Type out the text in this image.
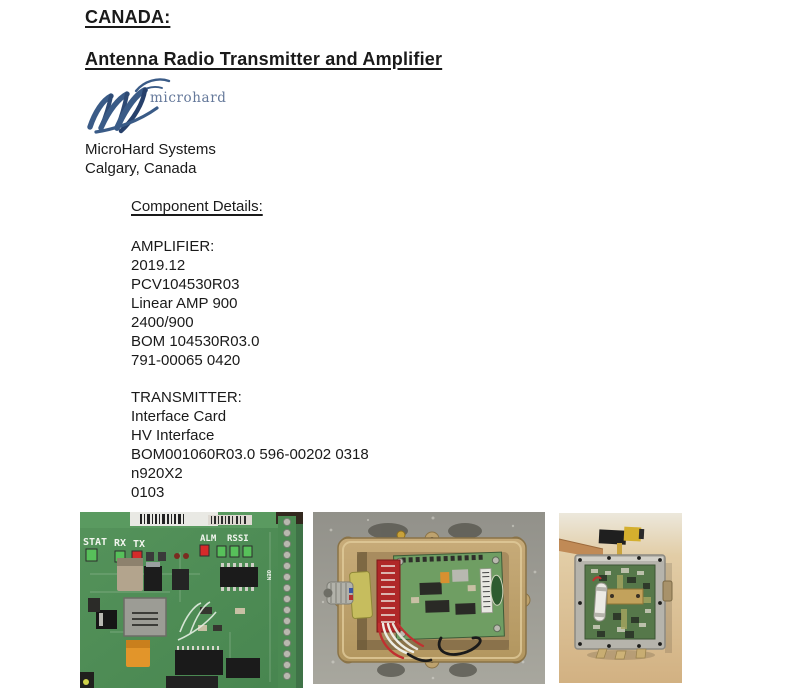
CANADA:
Antenna Radio Transmitter and Amplifier
microhard
MicroHard Systems
Calgary, Canada
Component Details:
AMPLIFIER:
2019.12
PCV104530R03
Linear AMP 900
2400/900
BOM 104530R03.0
791-00065 0420
TRANSMITTER:
Interface Card
HV Interface
BOM001060R03.0 596-00202 0318
n920X2
0103
STAT RX TX	ALM RSSI
OEM
